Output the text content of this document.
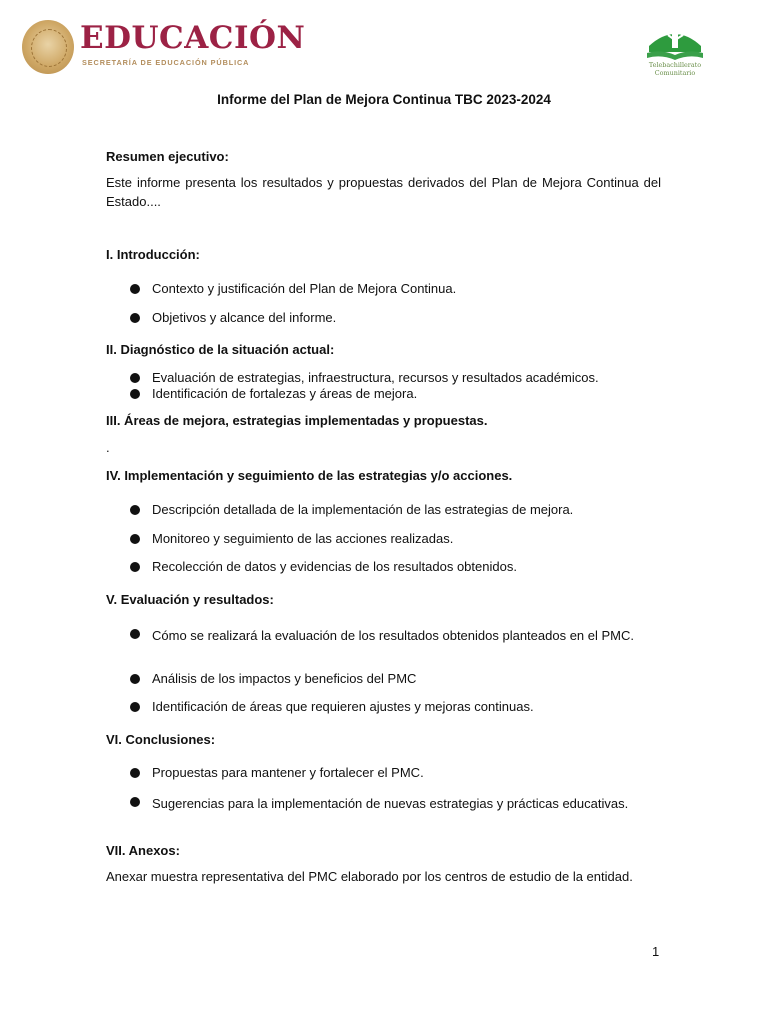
EDUCACIÓN
SECRETARÍA DE EDUCACIÓN PÚBLICA	Telebachillerato
Comunitario
Informe del Plan de Mejora Continua TBC 2023-2024
Resumen ejecutivo:
Este informe presenta los resultados y propuestas derivados del Plan de Mejora Continua del Estado....
I. Introducción:
Contexto y justificación del Plan de Mejora Continua.
Objetivos y alcance del informe.
II. Diagnóstico de la situación actual:
Evaluación de estrategias, infraestructura, recursos y resultados académicos.
Identificación de fortalezas y áreas de mejora.
III. Áreas de mejora, estrategias implementadas y propuestas.
.
IV. Implementación y seguimiento de las estrategias y/o acciones.
Descripción detallada de la implementación de las estrategias de mejora.
Monitoreo y seguimiento de las acciones realizadas.
Recolección de datos y evidencias de los resultados obtenidos.
V. Evaluación y resultados:
Cómo se realizará la evaluación de los resultados obtenidos planteados en el PMC.
Análisis de los impactos y beneficios del PMC
Identificación de áreas que requieren ajustes y mejoras continuas.
VI. Conclusiones:
Propuestas para mantener y fortalecer el PMC.
Sugerencias para la implementación de nuevas estrategias y prácticas educativas.
VII. Anexos:
Anexar muestra representativa del PMC elaborado por los centros de estudio de la entidad.
1
